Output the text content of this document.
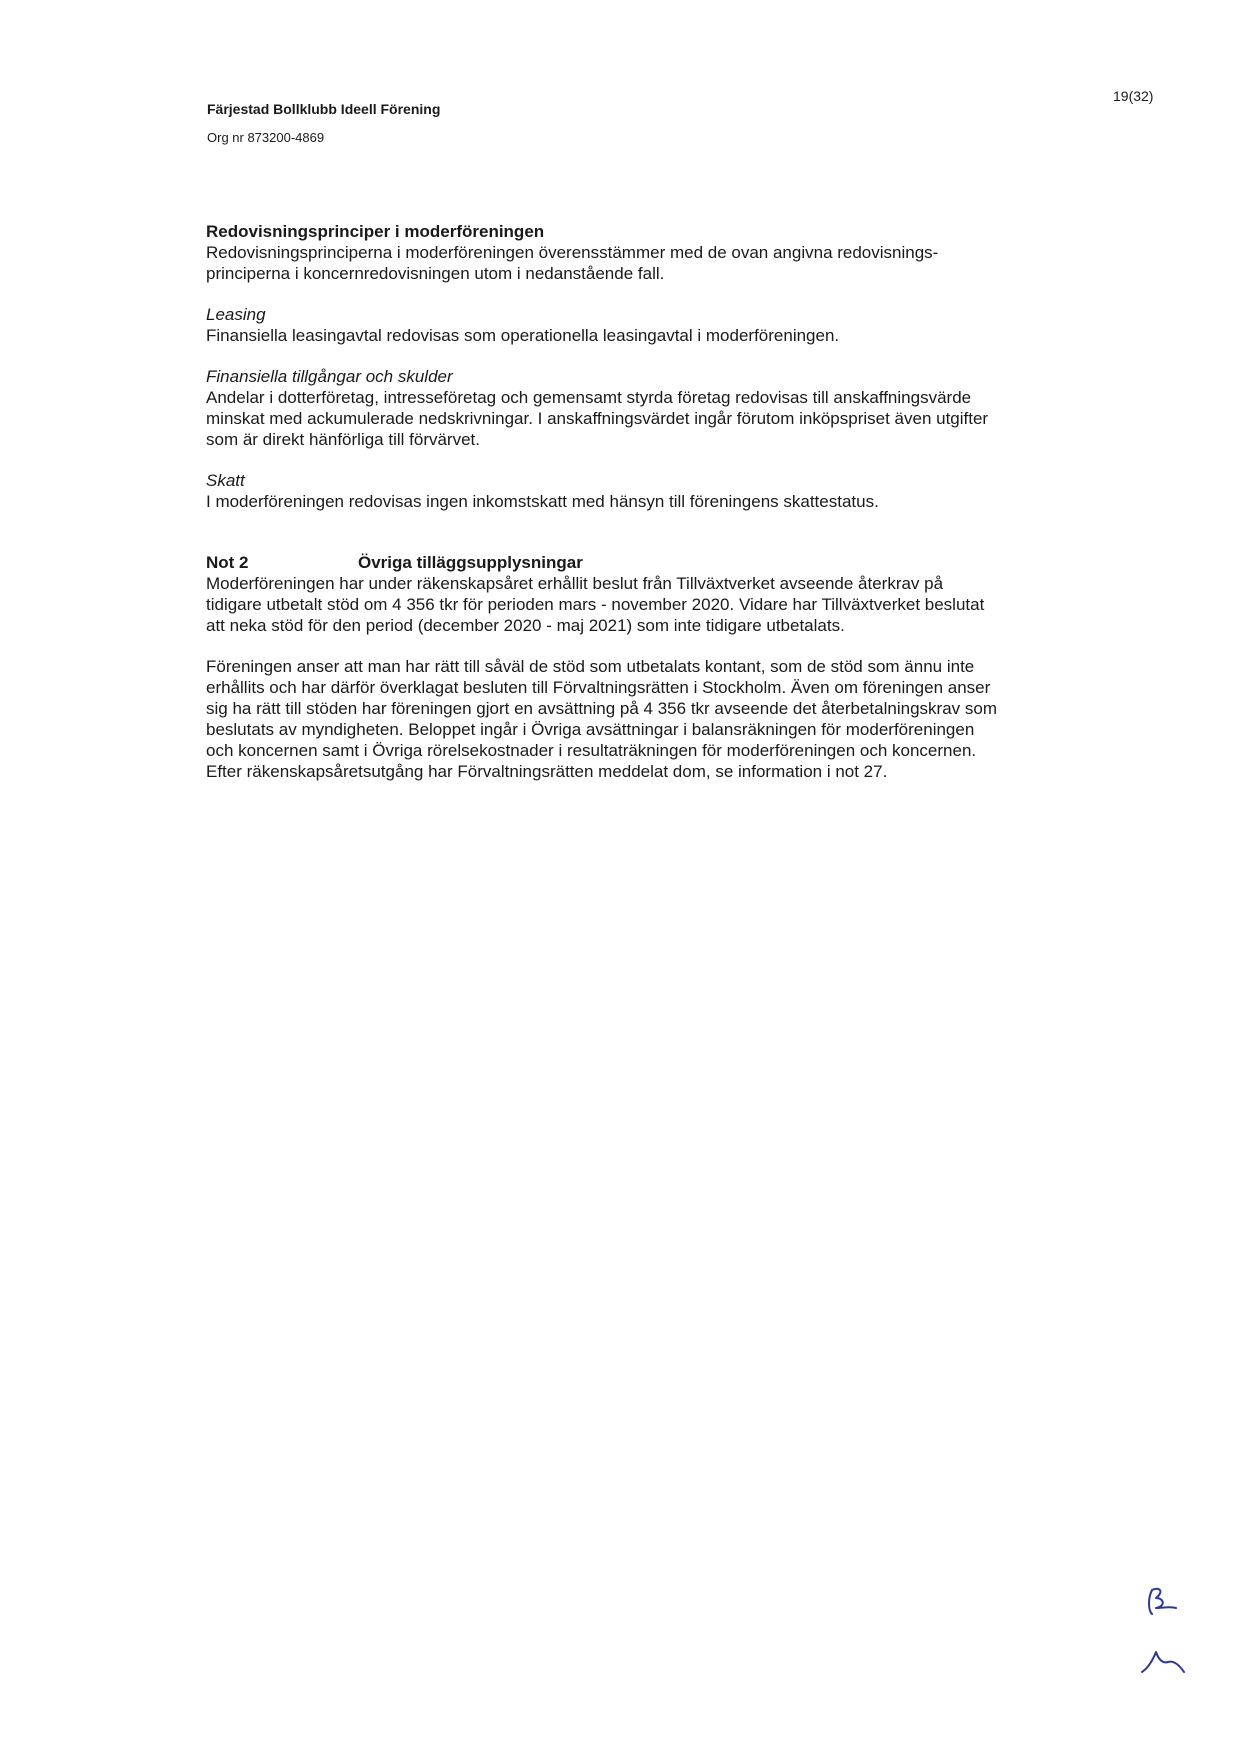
Färjestad Bollklubb Ideell Förening
Org nr 873200-4869
19(32)
Redovisningsprinciper i moderföreningen
Redovisningsprinciperna i moderföreningen överensstämmer med de ovan angivna redovisnings-
principerna i koncernredovisningen utom i nedanstående fall.
Leasing
Finansiella leasingavtal redovisas som operationella leasingavtal i moderföreningen.
Finansiella tillgångar och skulder
Andelar i dotterföretag, intresseföretag och gemensamt styrda företag redovisas till anskaffningsvärde
minskat med ackumulerade nedskrivningar. I anskaffningsvärdet ingår förutom inköpspriset även utgifter
som är direkt hänförliga till förvärvet.
Skatt
I moderföreningen redovisas ingen inkomstskatt med hänsyn till föreningens skattestatus.
Not 2	Övriga tilläggsupplysningar
Moderföreningen har under räkenskapsåret erhållit beslut från Tillväxtverket avseende återkrav på
tidigare utbetalt stöd om 4 356 tkr för perioden mars - november 2020. Vidare har Tillväxtverket beslutat
att neka stöd för den period (december 2020 - maj 2021) som inte tidigare utbetalats.
Föreningen anser att man har rätt till såväl de stöd som utbetalats kontant, som de stöd som ännu inte
erhållits och har därför överklagat besluten till Förvaltningsrätten i Stockholm. Även om föreningen anser
sig ha rätt till stöden har föreningen gjort en avsättning på 4 356 tkr avseende det återbetalningskrav som
beslutats av myndigheten. Beloppet ingår i Övriga avsättningar i balansräkningen för moderföreningen
och koncernen samt i Övriga rörelsekostnader i resultaträkningen för moderföreningen och koncernen.
Efter räkenskapsåretsutgång har Förvaltningsrätten meddelat dom, se information i not 27.
